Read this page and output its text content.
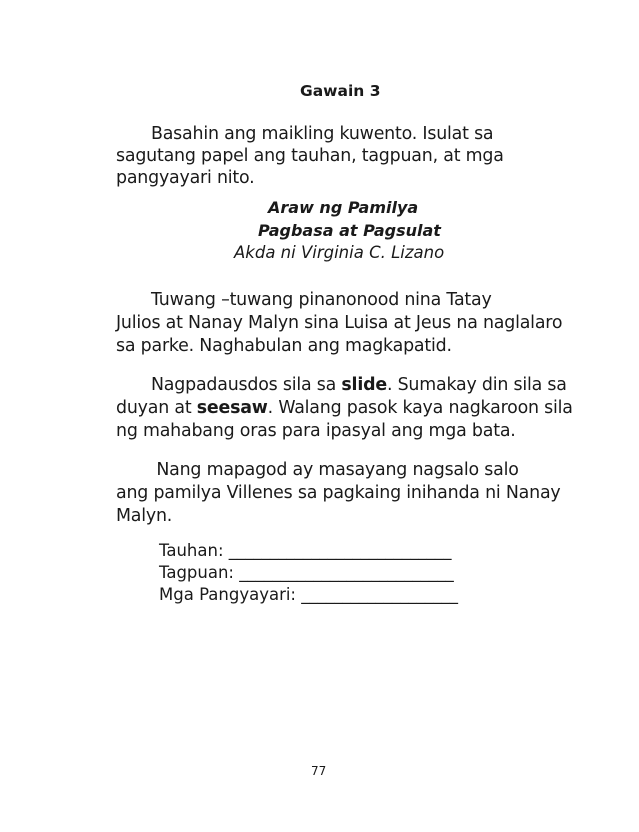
Gawain 3
Basahin ang maikling kuwento. Isulat sa
sagutang papel ang tauhan, tagpuan, at mga
pangyayari nito.
Araw ng Pamilya
Pagbasa at Pagsulat
Akda ni Virginia C. Lizano
Tuwang –tuwang pinanonood nina Tatay
Julios at Nanay Malyn sina Luisa at Jeus na naglalaro
sa parke. Naghabulan ang magkapatid.
Nagpadausdos sila sa slide. Sumakay din sila sa
duyan at seesaw. Walang pasok kaya nagkaroon sila
ng mahabang oras para ipasyal ang mga bata.
Nang mapagod ay masayang nagsalo salo
ang pamilya Villenes sa pagkaing inihanda ni Nanay
Malyn.
Tauhan: ___________________________
Tagpuan: __________________________
Mga Pangyayari: ___________________
77
